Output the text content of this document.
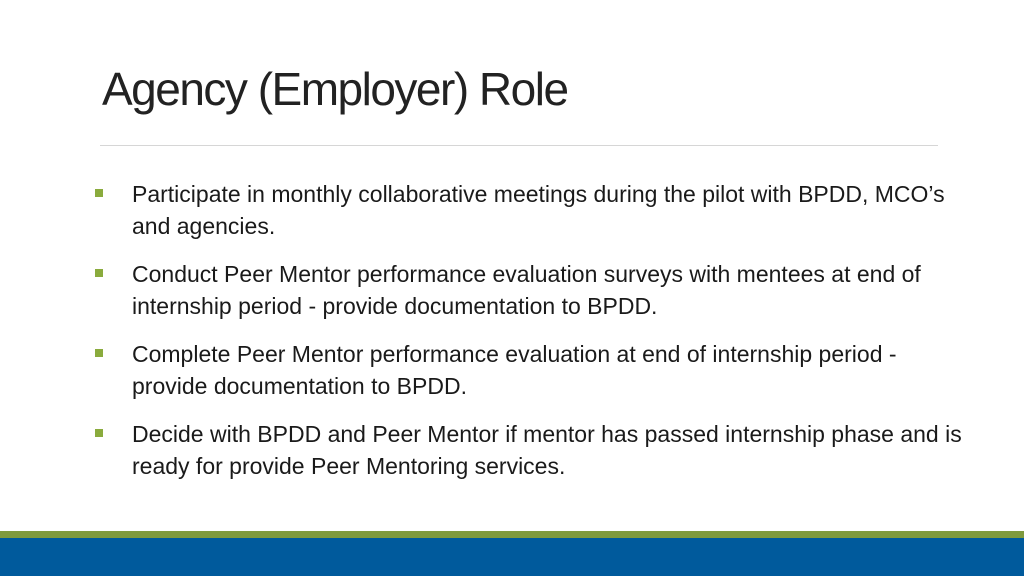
Agency (Employer) Role
Participate in monthly collaborative meetings during the pilot with BPDD, MCO’s and agencies.
Conduct Peer Mentor performance evaluation surveys with mentees at end of internship period - provide documentation to BPDD.
Complete Peer Mentor performance evaluation at end of internship period - provide documentation to BPDD.
Decide with BPDD and Peer Mentor if mentor has passed internship phase and is ready for provide Peer Mentoring services.
